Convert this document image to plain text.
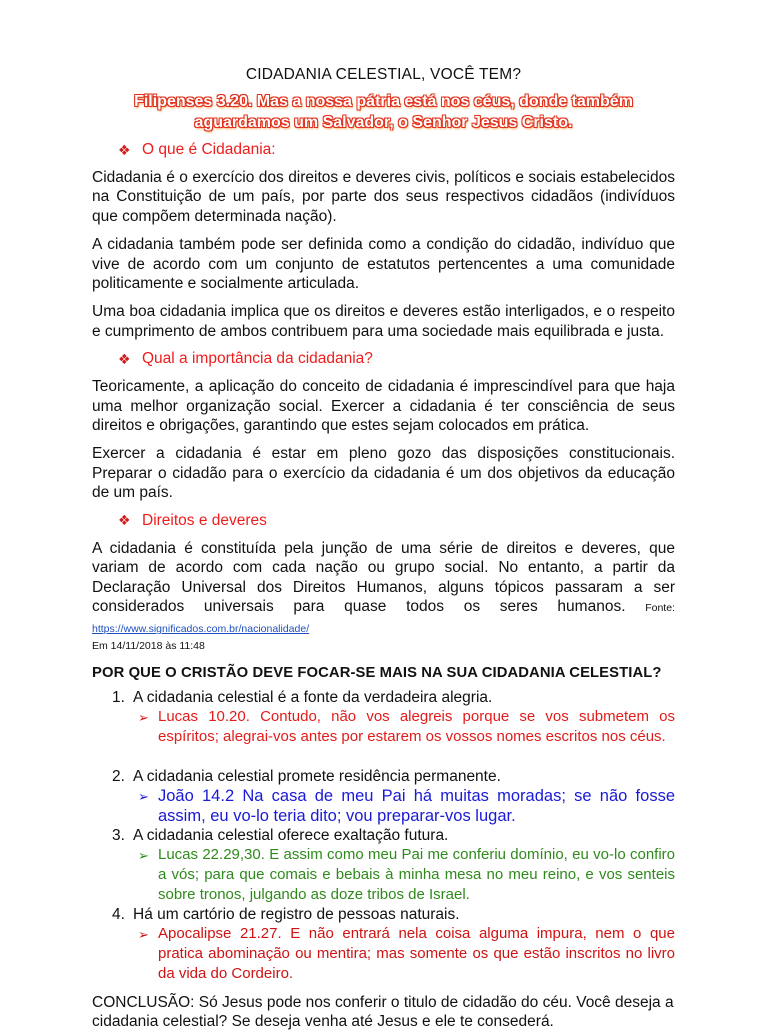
CIDADANIA CELESTIAL, VOCÊ TEM?
Filipenses 3.20. Mas a nossa pátria está nos céus, donde também
aguardamos um Salvador, o Senhor Jesus Cristo.
❖ O que é Cidadania:

Cidadania é o exercício dos direitos e deveres civis, políticos e sociais estabelecidos na Constituição de um país, por parte dos seus respectivos cidadãos (indivíduos que compõem determinada nação).

A cidadania também pode ser definida como a condição do cidadão, indivíduo que vive de acordo com um conjunto de estatutos pertencentes a uma comunidade politicamente e socialmente articulada.

Uma boa cidadania implica que os direitos e deveres estão interligados, e o respeito e cumprimento de ambos contribuem para uma sociedade mais equilibrada e justa.

❖ Qual a importância da cidadania?

Teoricamente, a aplicação do conceito de cidadania é imprescindível para que haja uma melhor organização social. Exercer a cidadania é ter consciência de seus direitos e obrigações, garantindo que estes sejam colocados em prática.

Exercer a cidadania é estar em pleno gozo das disposições constitucionais. Preparar o cidadão para o exercício da cidadania é um dos objetivos da educação de um país.

❖ Direitos e deveres

A cidadania é constituída pela junção de uma série de direitos e deveres, que variam de acordo com cada nação ou grupo social. No entanto, a partir da Declaração Universal dos Direitos Humanos, alguns tópicos passaram a ser considerados universais para quase todos os seres humanos. Fonte: https://www.significados.com.br/nacionalidade/
Em 14/11/2018 às 11:48

POR QUE O CRISTÃO DEVE FOCAR-SE MAIS NA SUA CIDADANIA CELESTIAL?
1. A cidadania celestial é a fonte da verdadeira alegria.
➢ Lucas 10.20. Contudo, não vos alegreis porque se vos submetem os espíritos; alegrai-vos antes por estarem os vossos nomes escritos nos céus.
2. A cidadania celestial promete residência permanente.
➢ João 14.2 Na casa de meu Pai há muitas moradas; se não fosse assim, eu vo-lo teria dito; vou preparar-vos lugar.
3. A cidadania celestial oferece exaltação futura.
➢ Lucas 22.29,30. E assim como meu Pai me conferiu domínio, eu vo-lo confiro a vós; para que comais e bebais à minha mesa no meu reino, e vos senteis sobre tronos, julgando as doze tribos de Israel.
4. Há um cartório de registro de pessoas naturais.
➢ Apocalipse 21.27. E não entrará nela coisa alguma impura, nem o que pratica abominação ou mentira; mas somente os que estão inscritos no livro da vida do Cordeiro.
CONCLUSÃO: Só Jesus pode nos conferir o titulo de cidadão do céu. Você deseja a cidadania celestial? Se deseja venha até Jesus e ele te consederá.
